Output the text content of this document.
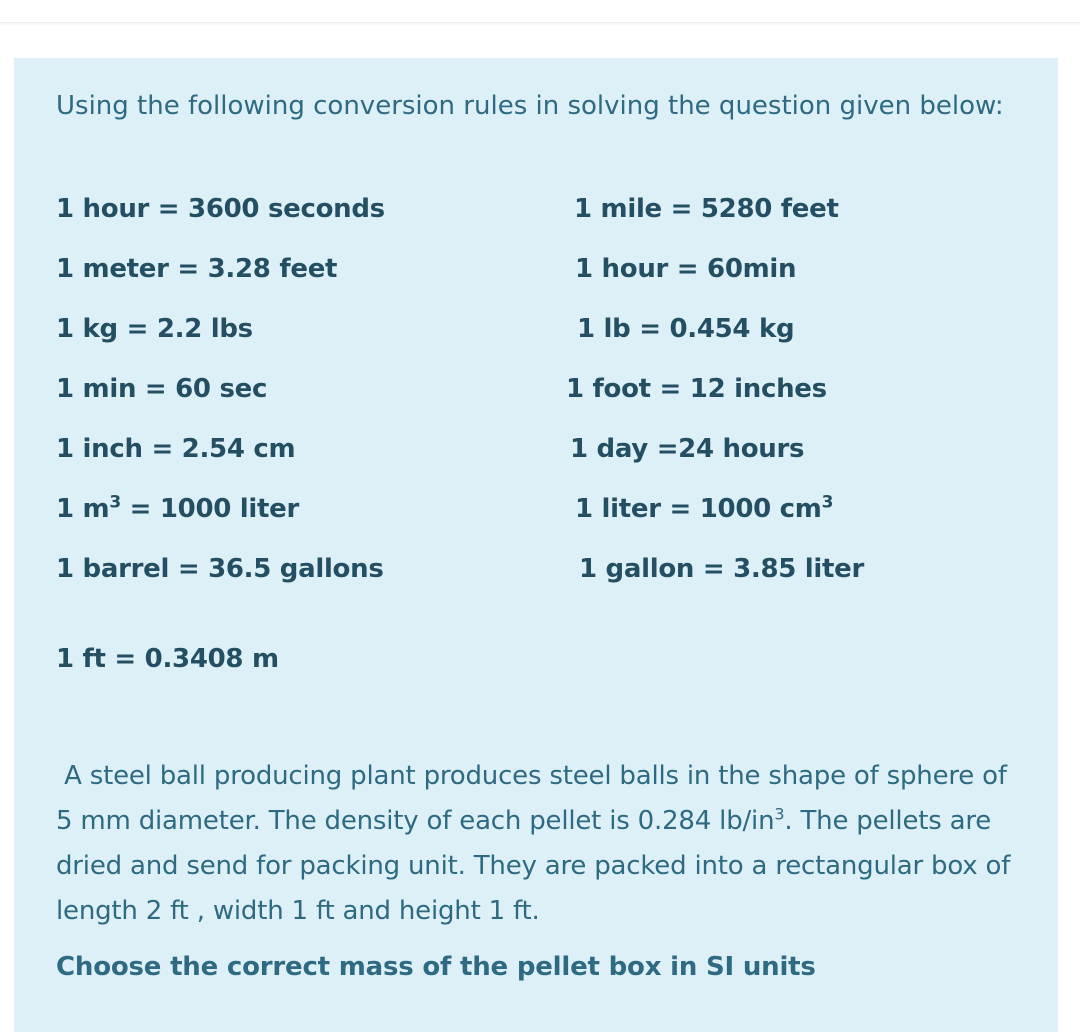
Using the following conversion rules in solving the question given below:

1 hour = 3600 seconds

1 meter = 3.28 feet

1 kg = 2.2 lbs

1 min = 60 sec

1 inch = 2.54 cm

1 $m^3 = 1000$ liter

1 barrel = 36.5 gallons

1 ft = 0.3408 m

1 mile = 5280 feet

1 hour = 60min

1 lb = 0.454 kg

1 foot = 12 inches

1 day =24 hours

1 liter = 1000 $cm^3$

1 gallon = 3.85 liter

A steel ball producing plant produces steel balls in the shape of sphere of 5 mm diameter. The density of each pellet is 0.284 $lb/in^3$. The pellets are dried and send for packing unit. They are packed into a rectangular box of length 2 ft , width 1 ft and height 1 ft.

Choose the correct mass of the pellet box in SI units
